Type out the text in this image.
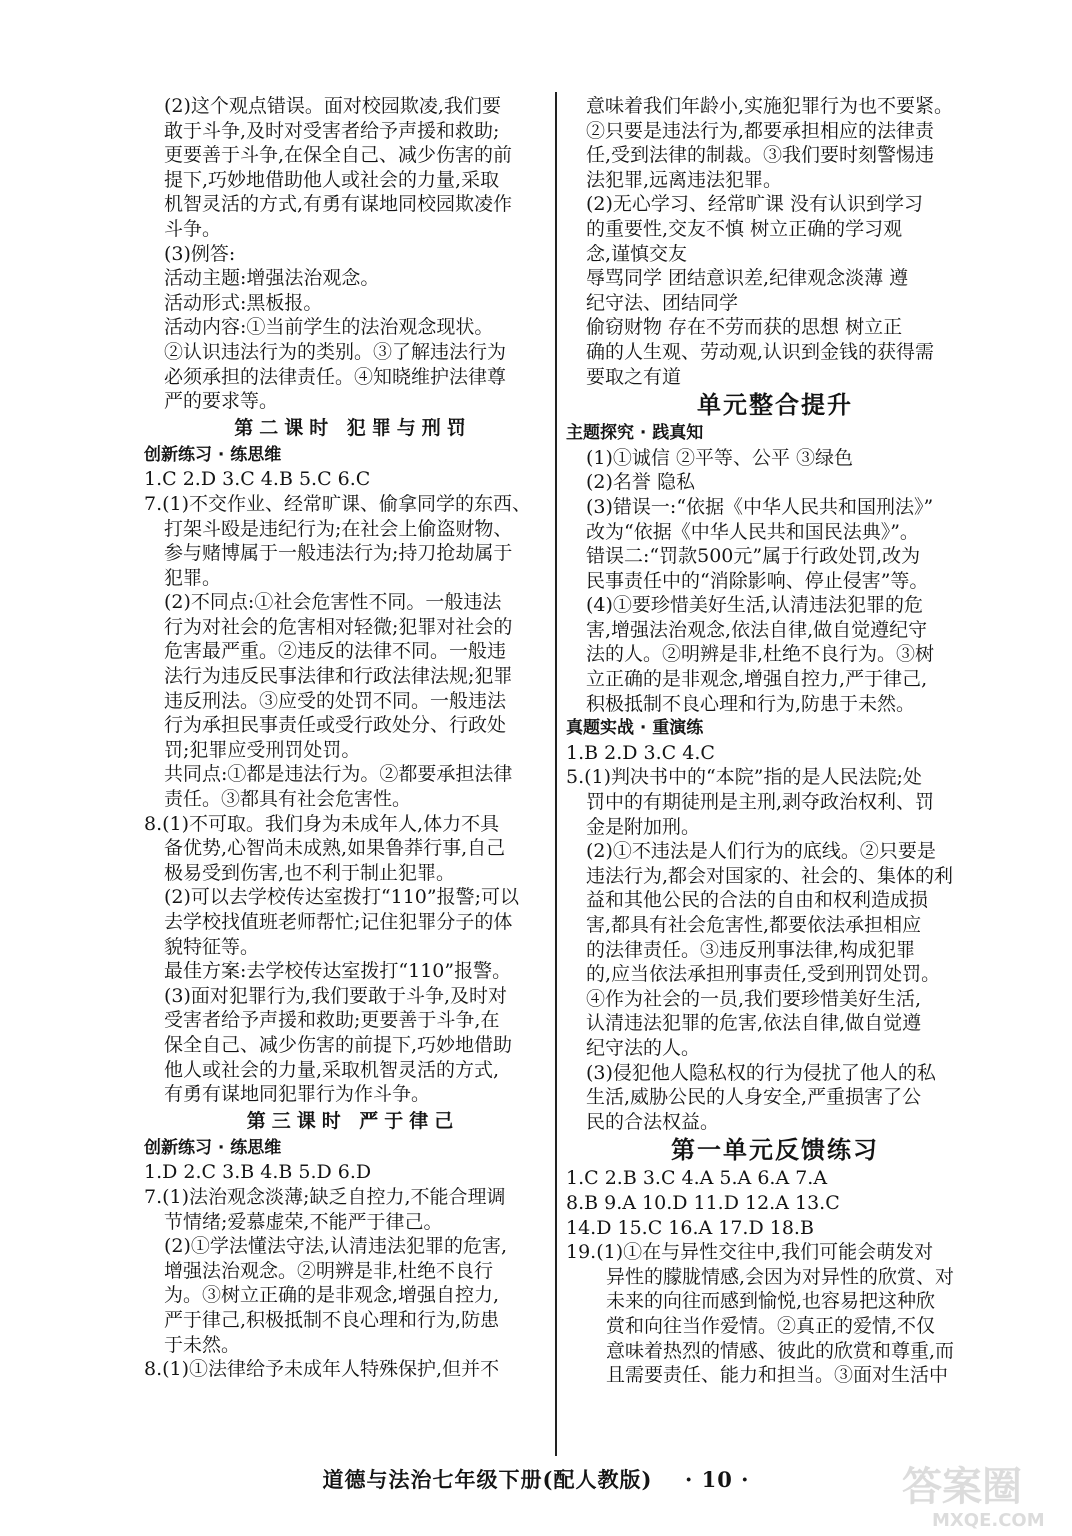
(2)这个观点错误。面对校园欺凌,我们要
敢于斗争,及时对受害者给予声援和救助;
更要善于斗争,在保全自己、减少伤害的前
提下,巧妙地借助他人或社会的力量,采取
机智灵活的方式,有勇有谋地同校园欺凌作
斗争。
(3)例答:
活动主题:增强法治观念。
活动形式:黑板报。
活动内容:①当前学生的法治观念现状。
②认识违法行为的类别。③了解违法行为
必须承担的法律责任。④知晓维护法律尊
严的要求等。
第二课时 犯罪与刑罚
创新练习 · 练思维
1.C 2.D 3.C 4.B 5.C 6.C
7.(1)不交作业、经常旷课、偷拿同学的东西、
打架斗殴是违纪行为;在社会上偷盗财物、
参与赌博属于一般违法行为;持刀抢劫属于
犯罪。
(2)不同点:①社会危害性不同。一般违法
行为对社会的危害相对轻微;犯罪对社会的
危害最严重。②违反的法律不同。一般违
法行为违反民事法律和行政法律法规;犯罪
违反刑法。③应受的处罚不同。一般违法
行为承担民事责任或受行政处分、行政处
罚;犯罪应受刑罚处罚。
共同点:①都是违法行为。②都要承担法律
责任。③都具有社会危害性。
8.(1)不可取。我们身为未成年人,体力不具
备优势,心智尚未成熟,如果鲁莽行事,自己
极易受到伤害,也不利于制止犯罪。
(2)可以去学校传达室拨打“110”报警;可以
去学校找值班老师帮忙;记住犯罪分子的体
貌特征等。
最佳方案:去学校传达室拨打“110”报警。
(3)面对犯罪行为,我们要敢于斗争,及时对
受害者给予声援和救助;更要善于斗争,在
保全自己、减少伤害的前提下,巧妙地借助
他人或社会的力量,采取机智灵活的方式,
有勇有谋地同犯罪行为作斗争。
第三课时 严于律己
创新练习 · 练思维
1.D 2.C 3.B 4.B 5.D 6.D
7.(1)法治观念淡薄;缺乏自控力,不能合理调
节情绪;爱慕虚荣,不能严于律己。
(2)①学法懂法守法,认清违法犯罪的危害,
增强法治观念。②明辨是非,杜绝不良行
为。③树立正确的是非观念,增强自控力,
严于律己,积极抵制不良心理和行为,防患
于未然。
8.(1)①法律给予未成年人特殊保护,但并不
意味着我们年龄小,实施犯罪行为也不要紧。
②只要是违法行为,都要承担相应的法律责
任,受到法律的制裁。③我们要时刻警惕违
法犯罪,远离违法犯罪。
(2)无心学习、经常旷课 没有认识到学习
的重要性,交友不慎 树立正确的学习观
念,谨慎交友
辱骂同学 团结意识差,纪律观念淡薄 遵
纪守法、团结同学
偷窃财物 存在不劳而获的思想 树立正
确的人生观、劳动观,认识到金钱的获得需
要取之有道
单元整合提升
主题探究 · 践真知
(1)①诚信 ②平等、公平 ③绿色
(2)名誉 隐私
(3)错误一:“依据《中华人民共和国刑法》”
改为“依据《中华人民共和国民法典》”。
错误二:“罚款500元”属于行政处罚,改为
民事责任中的“消除影响、停止侵害”等。
(4)①要珍惜美好生活,认清违法犯罪的危
害,增强法治观念,依法自律,做自觉遵纪守
法的人。②明辨是非,杜绝不良行为。③树
立正确的是非观念,增强自控力,严于律己,
积极抵制不良心理和行为,防患于未然。
真题实战 · 重演练
1.B 2.D 3.C 4.C
5.(1)判决书中的“本院”指的是人民法院;处
罚中的有期徒刑是主刑,剥夺政治权利、罚
金是附加刑。
(2)①不违法是人们行为的底线。②只要是
违法行为,都会对国家的、社会的、集体的利
益和其他公民的合法的自由和权利造成损
害,都具有社会危害性,都要依法承担相应
的法律责任。③违反刑事法律,构成犯罪
的,应当依法承担刑事责任,受到刑罚处罚。
④作为社会的一员,我们要珍惜美好生活,
认清违法犯罪的危害,依法自律,做自觉遵
纪守法的人。
(3)侵犯他人隐私权的行为侵扰了他人的私
生活,威胁公民的人身安全,严重损害了公
民的合法权益。
第一单元反馈练习
1.C 2.B 3.C 4.A 5.A 6.A 7.A
8.B 9.A 10.D 11.D 12.A 13.C
14.D 15.C 16.A 17.D 18.B
19.(1)①在与异性交往中,我们可能会萌发对
异性的朦胧情感,会因为对异性的欣赏、对
未来的向往而感到愉悦,也容易把这种欣
赏和向往当作爱情。②真正的爱情,不仅
意味着热烈的情感、彼此的欣赏和尊重,而
且需要责任、能力和担当。③面对生活中
道德与法治七年级下册(配人教版) · 10 ·	答案圈
MXQE.COM
